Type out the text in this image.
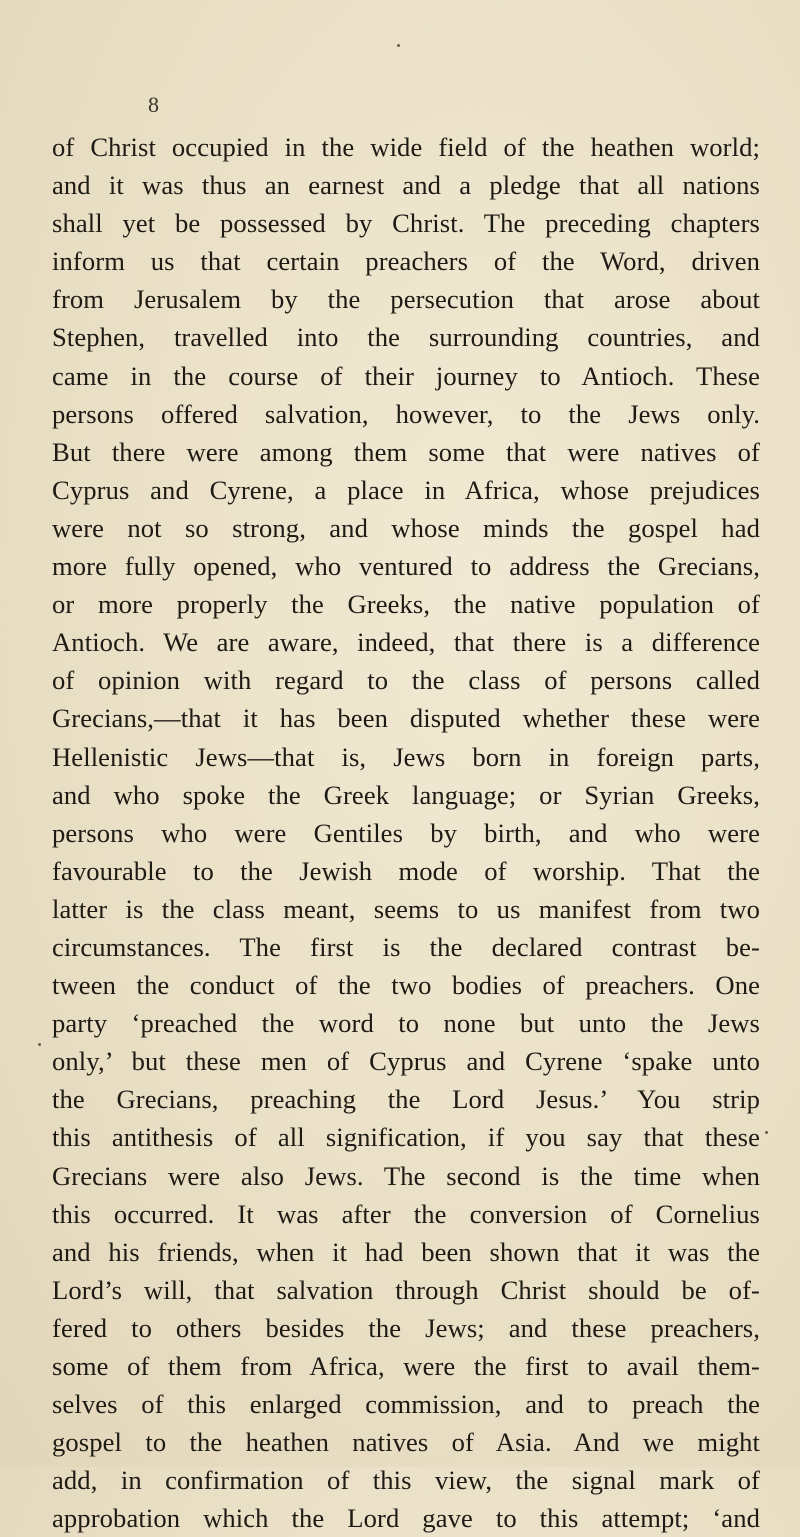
8
of Christ occupied in the wide field of the heathen world;
and it was thus an earnest and a pledge that all nations
shall yet be possessed by Christ. The preceding chapters
inform us that certain preachers of the Word, driven
from Jerusalem by the persecution that arose about
Stephen, travelled into the surrounding countries, and
came in the course of their journey to Antioch. These
persons offered salvation, however, to the Jews only.
But there were among them some that were natives of
Cyprus and Cyrene, a place in Africa, whose prejudices
were not so strong, and whose minds the gospel had
more fully opened, who ventured to address the Grecians,
or more properly the Greeks, the native population of
Antioch. We are aware, indeed, that there is a difference
of opinion with regard to the class of persons called
Grecians,—that it has been disputed whether these were
Hellenistic Jews—that is, Jews born in foreign parts,
and who spoke the Greek language; or Syrian Greeks,
persons who were Gentiles by birth, and who were
favourable to the Jewish mode of worship. That the
latter is the class meant, seems to us manifest from two
circumstances. The first is the declared contrast be-
tween the conduct of the two bodies of preachers. One
party ‘preached the word to none but unto the Jews
only,’ but these men of Cyprus and Cyrene ‘spake unto
the Grecians, preaching the Lord Jesus.’ You strip
this antithesis of all signification, if you say that these
Grecians were also Jews. The second is the time when
this occurred. It was after the conversion of Cornelius
and his friends, when it had been shown that it was the
Lord’s will, that salvation through Christ should be of-
fered to others besides the Jews; and these preachers,
some of them from Africa, were the first to avail them-
selves of this enlarged commission, and to preach the
gospel to the heathen natives of Asia. And we might
add, in confirmation of this view, the signal mark of
approbation which the Lord gave to this attempt; ‘and
